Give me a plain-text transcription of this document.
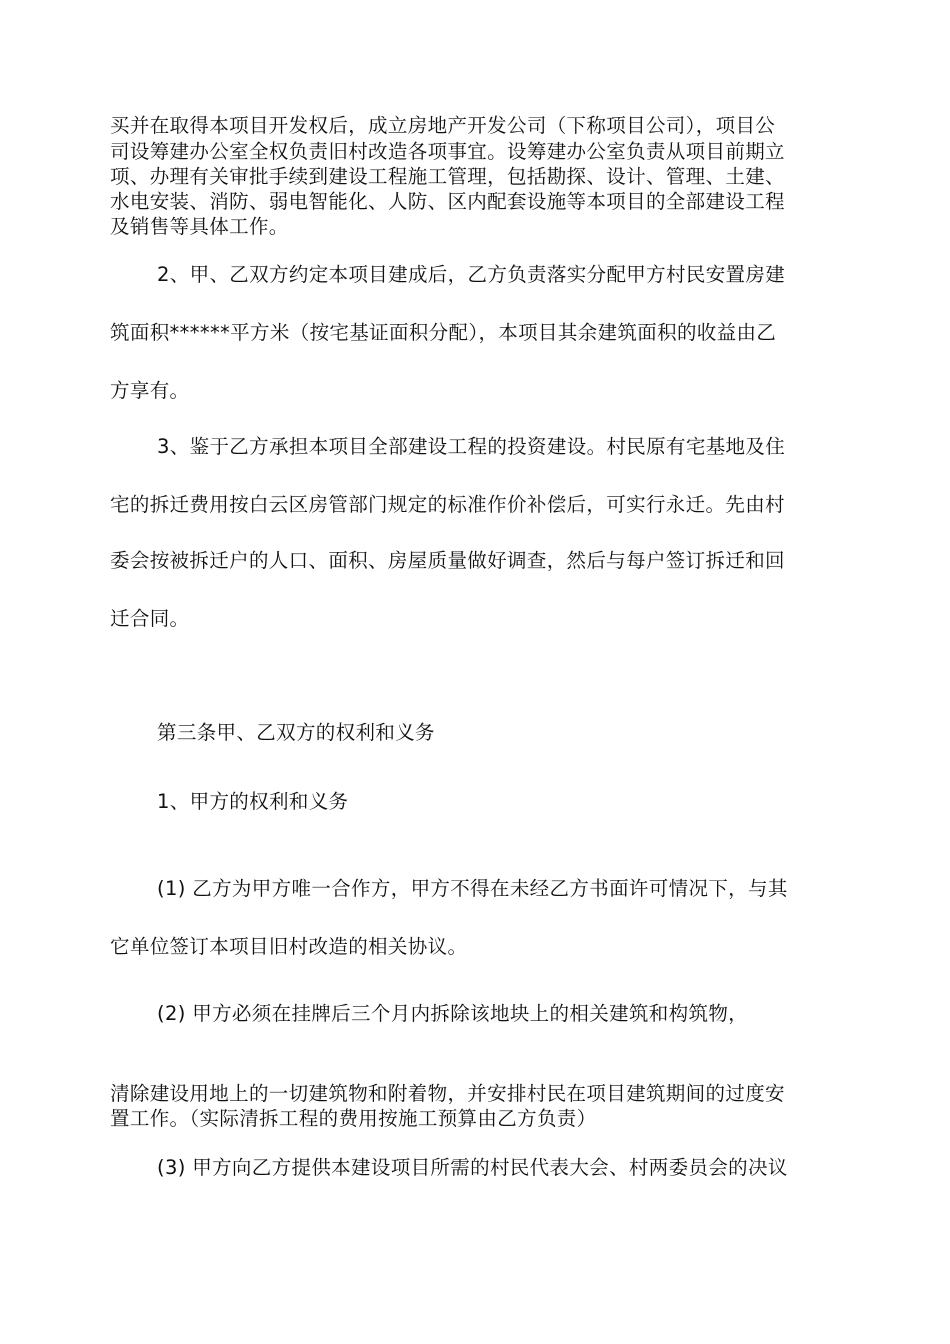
买并在取得本项目开发权后，成立房地产开发公司（下称项目公司），项目公
司设筹建办公室全权负责旧村改造各项事宜。设筹建办公室负责从项目前期立
项、办理有关审批手续到建设工程施工管理，包括勘探、设计、管理、土建、
水电安装、消防、弱电智能化、人防、区内配套设施等本项目的全部建设工程
及销售等具体工作。
2、甲、乙双方约定本项目建成后，乙方负责落实分配甲方村民安置房建
筑面积******平方米（按宅基证面积分配），本项目其余建筑面积的收益由乙
方享有。
3、鉴于乙方承担本项目全部建设工程的投资建设。村民原有宅基地及住
宅的拆迁费用按白云区房管部门规定的标准作价补偿后，可实行永迁。先由村
委会按被拆迁户的人口、面积、房屋质量做好调查，然后与每户签订拆迁和回
迁合同。
第三条甲、乙双方的权利和义务
1、甲方的权利和义务
(1) 乙方为甲方唯一合作方，甲方不得在未经乙方书面许可情况下，与其
它单位签订本项目旧村改造的相关协议。
(2) 甲方必须在挂牌后三个月内拆除该地块上的相关建筑和构筑物，
清除建设用地上的一切建筑物和附着物，并安排村民在项目建筑期间的过度安
置工作。（实际清拆工程的费用按施工预算由乙方负责）
(3) 甲方向乙方提供本建设项目所需的村民代表大会、村两委员会的决议
